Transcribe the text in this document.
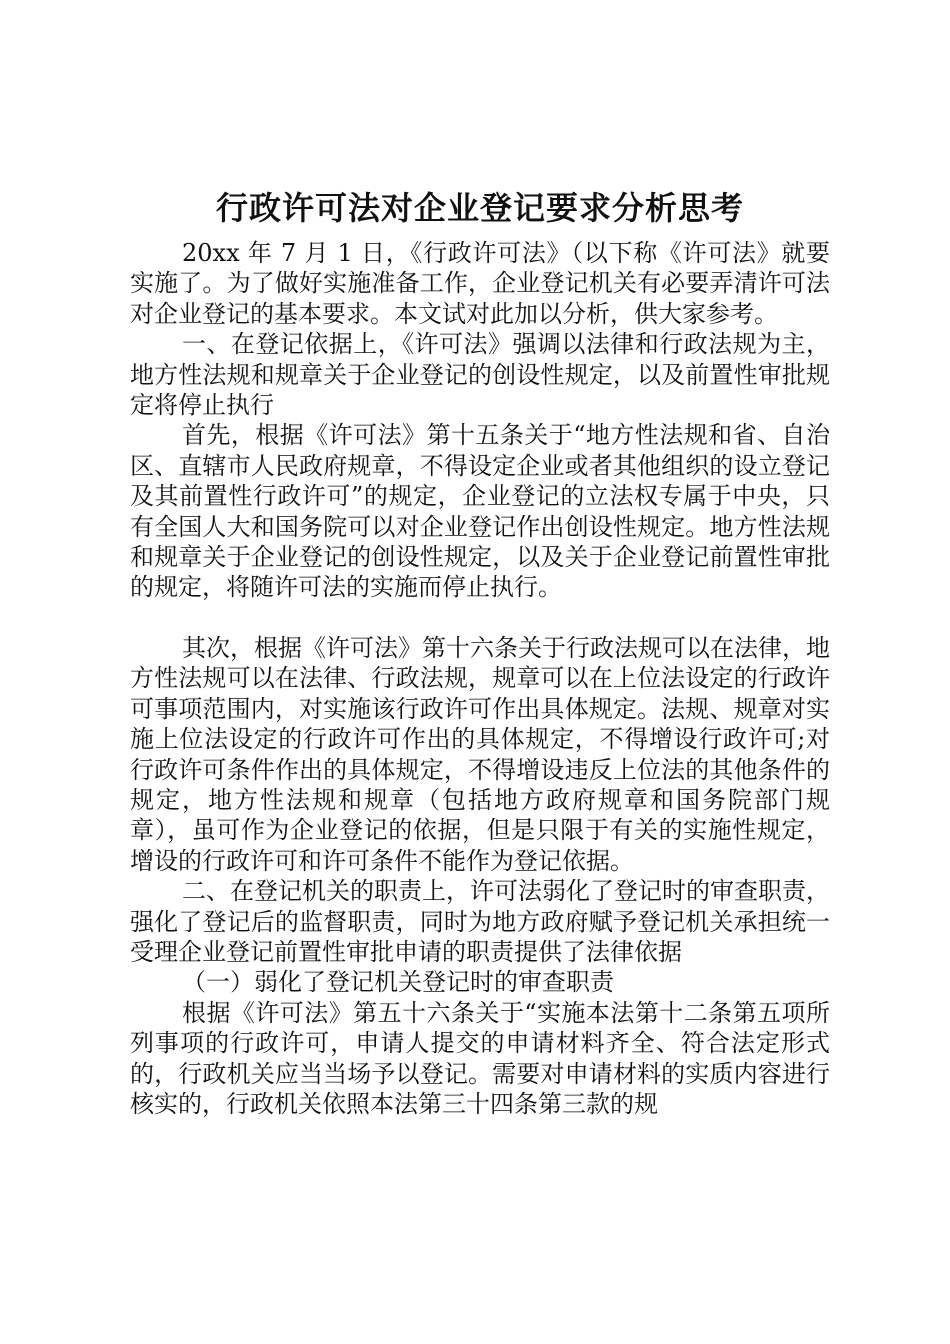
行政许可法对企业登记要求分析思考

20xx 年 7 月 1 日，《行政许可法》（以下称《许可法》就要实施了。为了做好实施准备工作，企业登记机关有必要弄清许可法对企业登记的基本要求。本文试对此加以分析，供大家参考。

一、在登记依据上，《许可法》强调以法律和行政法规为主，地方性法规和规章关于企业登记的创设性规定，以及前置性审批规定将停止执行

首先，根据《许可法》第十五条关于“地方性法规和省、自治区、直辖市人民政府规章，不得设定企业或者其他组织的设立登记及其前置性行政许可”的规定，企业登记的立法权专属于中央，只有全国人大和国务院可以对企业登记作出创设性规定。地方性法规和规章关于企业登记的创设性规定，以及关于企业登记前置性审批的规定，将随许可法的实施而停止执行。

其次，根据《许可法》第十六条关于行政法规可以在法律，地方性法规可以在法律、行政法规，规章可以在上位法设定的行政许可事项范围内，对实施该行政许可作出具体规定。法规、规章对实施上位法设定的行政许可作出的具体规定，不得增设行政许可;对行政许可条件作出的具体规定，不得增设违反上位法的其他条件的规定，地方性法规和规章（包括地方政府规章和国务院部门规章），虽可作为企业登记的依据，但是只限于有关的实施性规定，增设的行政许可和许可条件不能作为登记依据。

二、在登记机关的职责上，许可法弱化了登记时的审查职责，强化了登记后的监督职责，同时为地方政府赋予登记机关承担统一受理企业登记前置性审批申请的职责提供了法律依据

（一）弱化了登记机关登记时的审查职责

根据《许可法》第五十六条关于“实施本法第十二条第五项所列事项的行政许可，申请人提交的申请材料齐全、符合法定形式的，行政机关应当当场予以登记。需要对申请材料的实质内容进行核实的，行政机关依照本法第三十四条第三款的规
